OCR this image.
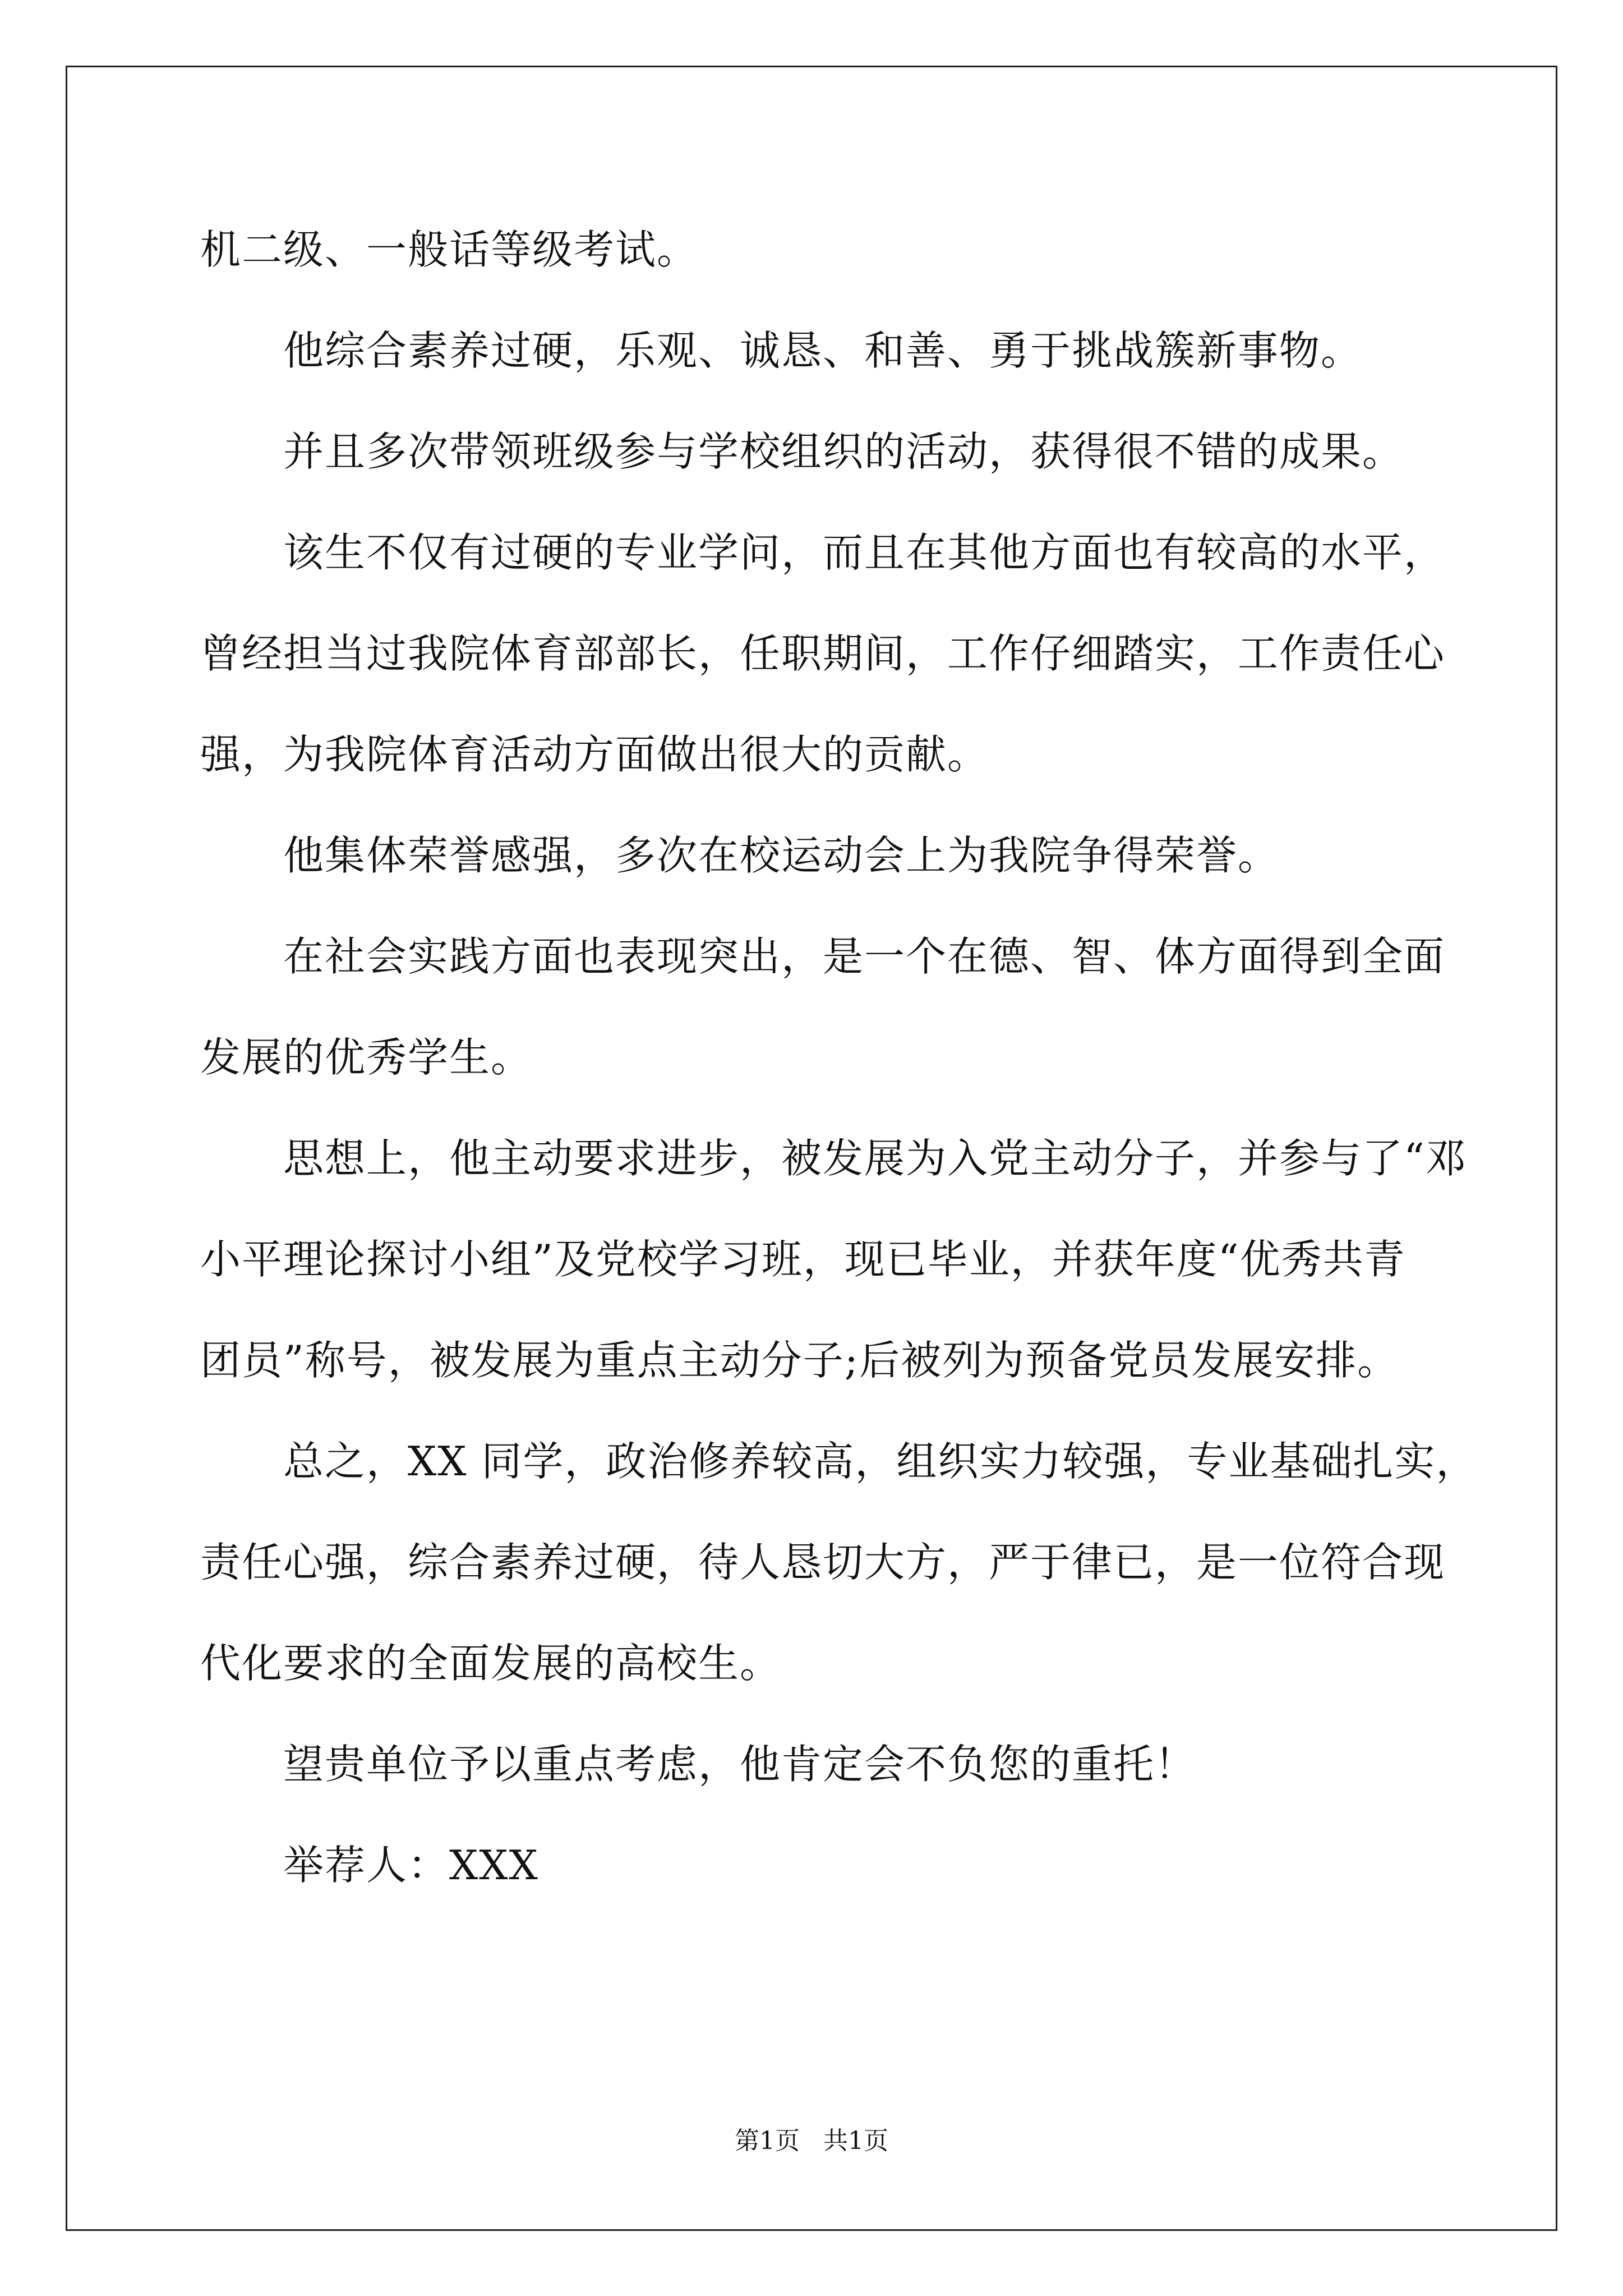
机二级、一般话等级考试。
他综合素养过硬，乐观、诚恳、和善、勇于挑战簇新事物。
并且多次带领班级参与学校组织的活动，获得很不错的成果。
该生不仅有过硬的专业学问，而且在其他方面也有较高的水平，
曾经担当过我院体育部部长，任职期间，工作仔细踏实，工作责任心
强，为我院体育活动方面做出很大的贡献。
他集体荣誉感强，多次在校运动会上为我院争得荣誉。
在社会实践方面也表现突出，是一个在德、智、体方面得到全面
发展的优秀学生。
思想上，他主动要求进步，被发展为入党主动分子，并参与了“邓
小平理论探讨小组”及党校学习班，现已毕业，并获年度“优秀共青
团员”称号，被发展为重点主动分子;后被列为预备党员发展安排。
总之，XX 同学，政治修养较高，组织实力较强，专业基础扎实，
责任心强，综合素养过硬，待人恳切大方，严于律已，是一位符合现
代化要求的全面发展的高校生。
望贵单位予以重点考虑，他肯定会不负您的重托！
举荐人：XXX
第1页 共1页
